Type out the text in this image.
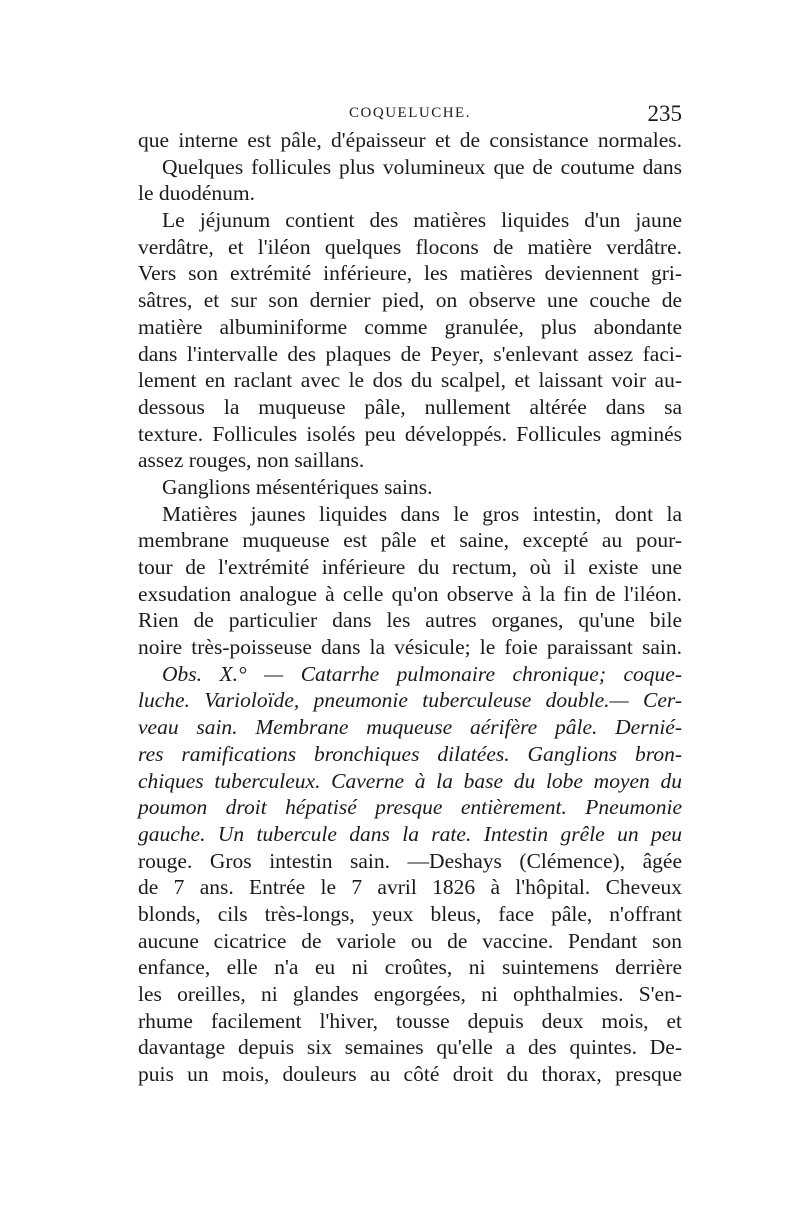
COQUELUCHE.	235
que interne est pâle, d'épaisseur et de consistance normales.
Quelques follicules plus volumineux que de coutume dans
le duodénum.
Le jéjunum contient des matières liquides d'un jaune
verdâtre, et l'iléon quelques flocons de matière verdâtre.
Vers son extrémité inférieure, les matières deviennent gri-
sâtres, et sur son dernier pied, on observe une couche de
matière albuminiforme comme granulée, plus abondante
dans l'intervalle des plaques de Peyer, s'enlevant assez faci-
lement en raclant avec le dos du scalpel, et laissant voir au-
dessous la muqueuse pâle, nullement altérée dans sa
texture. Follicules isolés peu développés. Follicules agminés
assez rouges, non saillans.
Ganglions mésentériques sains.
Matières jaunes liquides dans le gros intestin, dont la
membrane muqueuse est pâle et saine, excepté au pour-
tour de l'extrémité inférieure du rectum, où il existe une
exsudation analogue à celle qu'on observe à la fin de l'iléon.
Rien de particulier dans les autres organes, qu'une bile
noire très-poisseuse dans la vésicule; le foie paraissant sain.
Obs. X.° — Catarrhe pulmonaire chronique; coque-
luche. Varioloïde, pneumonie tuberculeuse double.— Cer-
veau sain. Membrane muqueuse aérifère pâle. Dernié-
res ramifications bronchiques dilatées. Ganglions bron-
chiques tuberculeux. Caverne à la base du lobe moyen du
poumon droit hépatisé presque entièrement. Pneumonie
gauche. Un tubercule dans la rate. Intestin grêle un peu
rouge. Gros intestin sain. —Deshays (Clémence), âgée
de 7 ans. Entrée le 7 avril 1826 à l'hôpital. Cheveux
blonds, cils très-longs, yeux bleus, face pâle, n'offrant
aucune cicatrice de variole ou de vaccine. Pendant son
enfance, elle n'a eu ni croûtes, ni suintemens derrière
les oreilles, ni glandes engorgées, ni ophthalmies. S'en-
rhume facilement l'hiver, tousse depuis deux mois, et
davantage depuis six semaines qu'elle a des quintes. De-
puis un mois, douleurs au côté droit du thorax, presque
